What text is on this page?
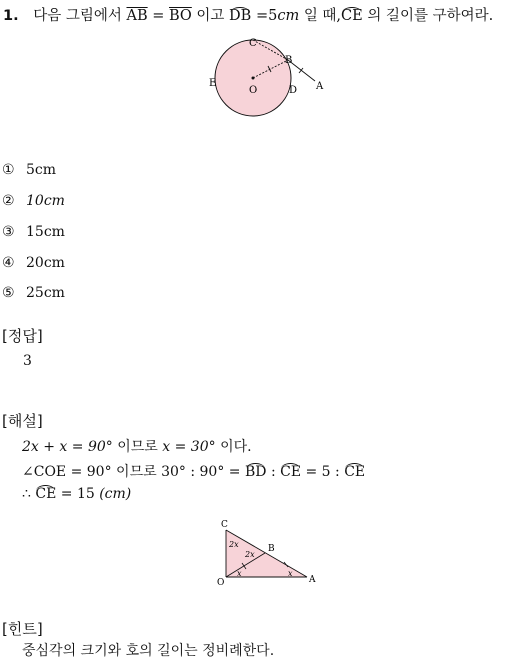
1. 다음 그림에서 $\overline{AB} = \overline{BO}$ 이고 DB =5cm 일 때,CE 의 길이를 구하여라.
C
B
A
E
O	D
① 5cm
② 10cm
③ 15cm
④ 20cm
⑤ 25cm
[정답]
3
[해설]
2x + x = 90° 이므로 x = 30° 이다.
∠COE = 90° 이므로 30° : 90° = BD : CE = 5 : CE
∴ CE = 15 (cm)
C
O	A
B
2x
2x
x	x
[힌트]
중심각의 크기와 호의 길이는 정비례한다.
